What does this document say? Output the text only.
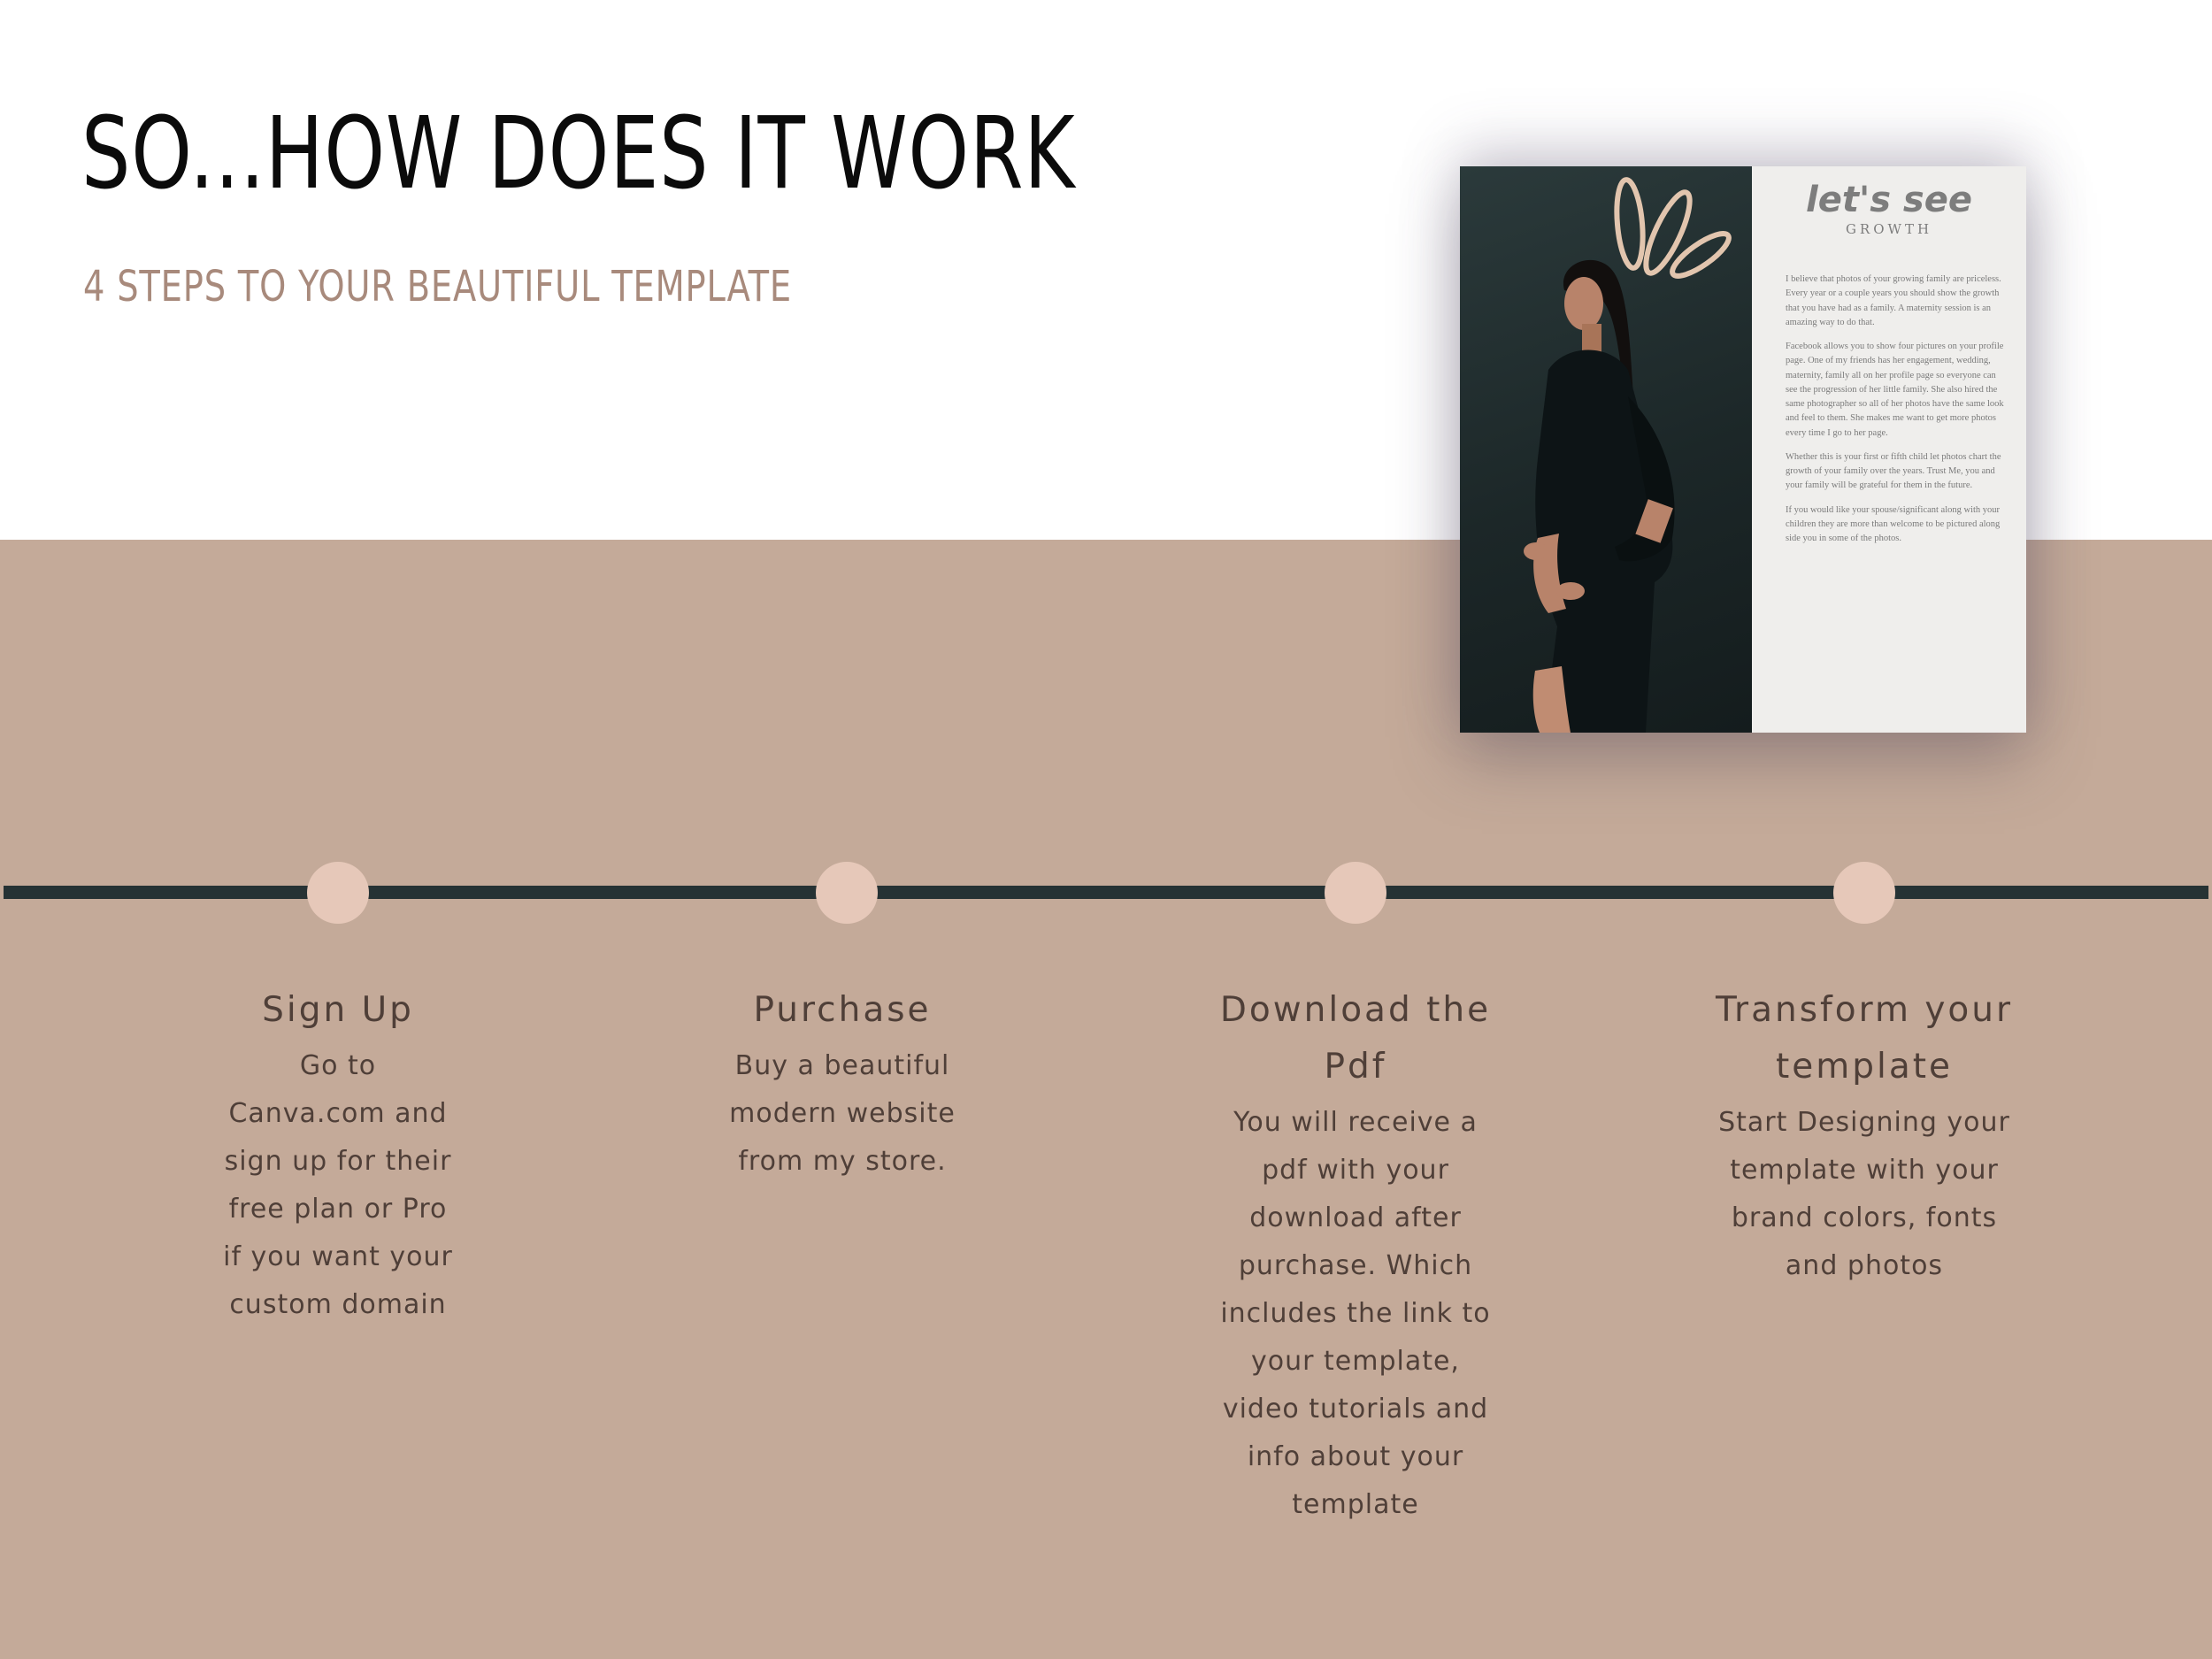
SO...HOW DOES IT WORK
4 STEPS TO YOUR BEAUTIFUL TEMPLATE
let's see
GROWTH

I believe that photos of your growing family are priceless. Every year or a couple years you should show the growth that you have had as a family. A maternity session is an amazing way to do that.

Facebook allows you to show four pictures on your profile page. One of my friends has her engagement, wedding, maternity, family all on her profile page so everyone can see the progression of her little family. She also hired the same photographer so all of her photos have the same look and feel to them. She makes me want to get more photos every time I go to her page.

Whether this is your first or fifth child let photos chart the growth of your family over the years. Trust Me, you and your family will be grateful for them in the future.

If you would like your spouse/significant along with your children they are more than welcome to be pictured along side you in some of the photos.

Sign Up

Go to Canva.com and sign up for their free plan or Pro if you want your custom domain

Purchase

Buy a beautiful modern website from my store.

Download the Pdf

You will receive a pdf with your download after purchase. Which includes the link to your template, video tutorials and info about your template

Transform your template

Start Designing your template with your brand colors, fonts and photos
